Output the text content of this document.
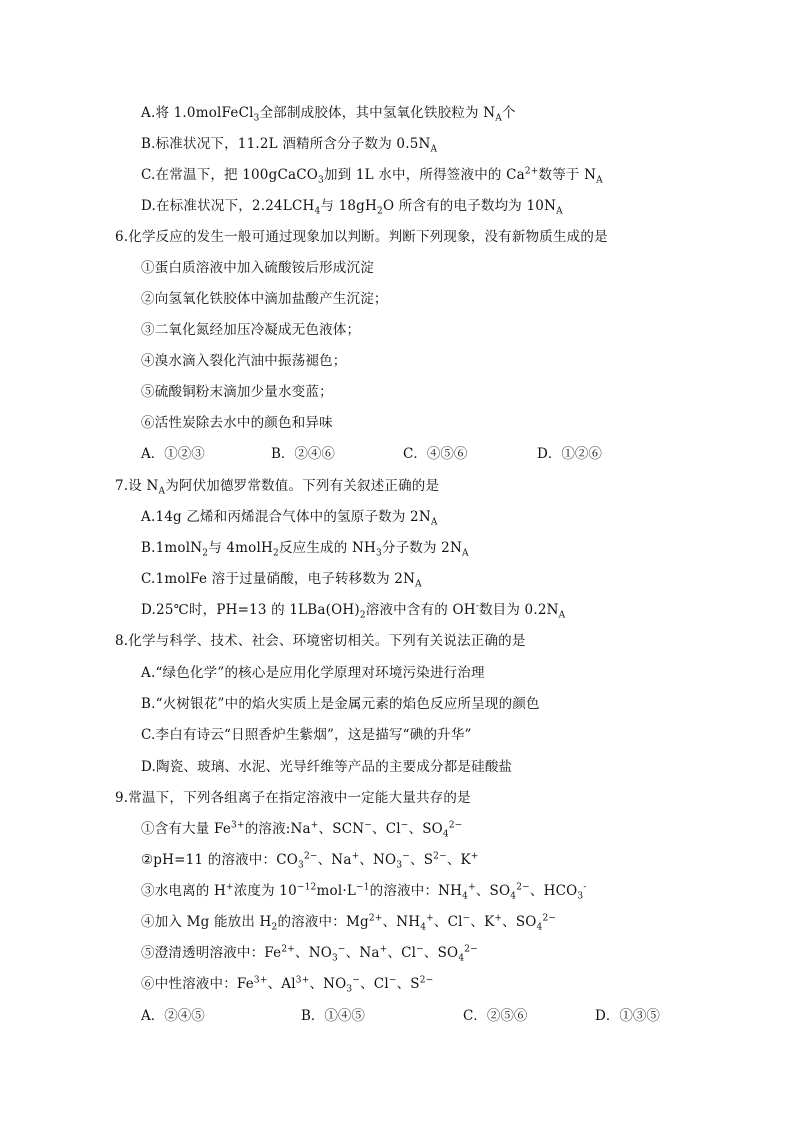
A.将 1.0molFeCl$_3$全部制成胶体，其中氢氧化铁胶粒为 $N_A$个
B.标准状况下，11.2L 酒精所含分子数为 $0.5N_A$
C.在常温下，把 100gCaCO$_3$加到 1L 水中，所得签液中的 $Ca^{2+}$数等于 $N_A$
D.在标准状况下，$2.24LCH_4$与 $18gH_2O$ 所含有的电子数均为 $10N_A$
6.化学反应的发生一般可通过现象加以判断。判断下列现象，没有新物质生成的是
①蛋白质溶液中加入硫酸铵后形成沉淀
②向氢氧化铁胶体中滴加盐酸产生沉淀；
③二氧化氮经加压冷凝成无色液体；
④溴水滴入裂化汽油中振荡褪色；
⑤硫酸铜粉末滴加少量水变蓝；
⑥活性炭除去水中的颜色和异味
A．①②③	B．②④⑥	C．④⑤⑥	D．①②⑥
7.设 $N_A$为阿伏加德罗常数值。下列有关叙述正确的是
A.14g 乙烯和丙烯混合气体中的氢原子数为 $2N_A$
B.1molN$_2$与 4molH$_2$反应生成的 $NH_3$分子数为 $2N_A$
C.1molFe 溶于过量硝酸，电子转移数为 $2N_A$
D.25℃时，PH=13 的 $1LBa(OH)_2$溶液中含有的 OH-数目为 $0.2N_A$
8.化学与科学、技术、社会、环境密切相关。下列有关说法正确的是
A.“绿色化学”的核心是应用化学原理对环境污染进行治理
B.“火树银花”中的焰火实质上是金属元素的焰色反应所呈现的颜色
C.李白有诗云“日照香炉生紫烟”，这是描写“碘的升华”
D.陶瓷、玻璃、水泥、光导纤维等产品的主要成分都是硅酸盐
9.常温下，下列各组离子在指定溶液中一定能大量共存的是
①含有大量 $Fe^{3+}$的溶液:Na+、SCN−、Cl−、$SO_4^{2-}$
②pH=11 的溶液中：$CO_3^{2-}$、Na+、$NO_3^-$、$S^{2-}$、K+
③水电离的 H+浓度为 $10^{-12}mol\cdot L^{-1}$的溶液中：$NH_4^+$、$SO_4^{2-}$、$HCO_3^-$
④加入 Mg 能放出 $H_2$的溶液中：$Mg^{2+}$、$NH_4^+$、Cl−、K+、$SO_4^{2-}$
⑤澄清透明溶液中：$Fe^{2+}$、$NO_3^-$、Na+、Cl−、$SO_4^{2-}$
⑥中性溶液中：$Fe^{3+}$、$Al^{3+}$、$NO_3^-$、Cl−、$S^{2-}$
A．②④⑤	B．①④⑤	C．②⑤⑥	D．①③⑤
